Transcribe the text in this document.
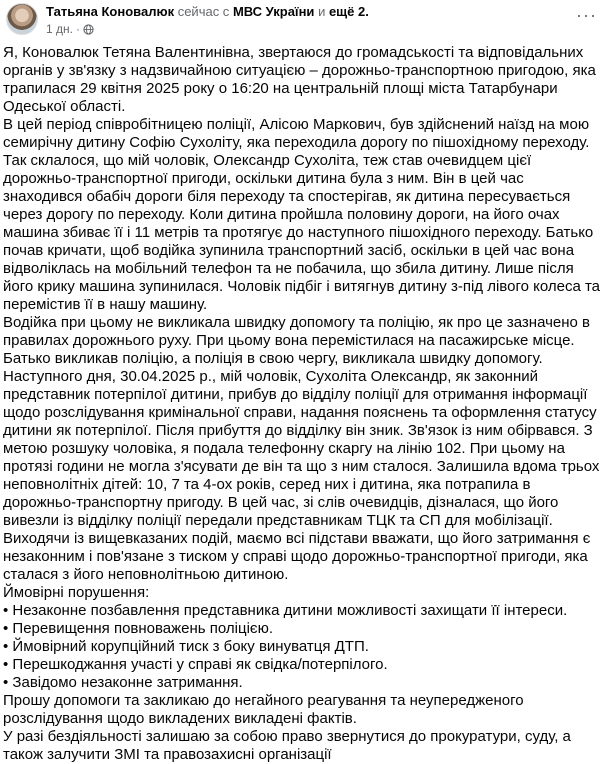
Татьяна Коновалюк сейчас с МВС України и ещё 2.
1 дн. ·
···

Я, Коновалюк Тетяна Валентинівна, звертаюся до громадськості та відповідальних органів у зв'язку з надзвичайною ситуацією – дорожньо-транспортною пригодою, яка трапилася 29 квітня 2025 року о 16:20 на центральній площі міста Татарбунари Одеської області.

В цей період співробітницею поліції, Алісою Маркович, був здійснений наїзд на мою семирічну дитину Софію Сухоліту, яка переходила дорогу по пішохідному переходу.

Так склалося, що мій чоловік, Олександр Сухоліта, теж став очевидцем цієї дорожньо-транспортної пригоди, оскільки дитина була з ним. Він в цей час знаходився обабіч дороги біля переходу та спостерігав, як дитина пересувається через дорогу по переходу. Коли дитина пройшла половину дороги, на його очах машина збиває її і 11 метрів та протягує до наступного пішохідного переходу. Батько почав кричати, щоб водійка зупинила транспортний засіб, оскільки в цей час вона відволіклась на мобільний телефон та не побачила, що збила дитину. Лише після його крику машина зупинилася. Чоловік підбіг і витягнув дитину з-під лівого колеса та перемістив її в нашу машину.

Водійка при цьому не викликала швидку допомогу та поліцію, як про це зазначено в правилах дорожнього руху. При цьому вона перемістилася на пасажирське місце.

Батько викликав поліцію, а поліція в свою чергу, викликала швидку допомогу.

Наступного дня, 30.04.2025 р., мій чоловік, Сухоліта Олександр, як законний представник потерпілої дитини, прибув до відділу поліції для отримання інформації щодо розслідування кримінальної справи, надання пояснень та оформлення статусу дитини як потерпілої. Після прибуття до відділку він зник. Зв'язок із ним обірвався. З метою розшуку чоловіка, я подала телефонну скаргу на лінію 102. При цьому на протязі години не могла з'ясувати де він та що з ним сталося. Залишила вдома трьох неповнолітніх дітей: 10, 7 та 4-ох років, серед них і дитина, яка потрапила в дорожньо-транспортну пригоду. В цей час, зі слів очевидців, дізналася, що його вивезли із відділку поліції передали представникам ТЦК та СП для мобілізації.

Виходячи із вищевказаних подій, маємо всі підстави вважати, що його затримання є незаконним і пов'язане з тиском у справі щодо дорожньо-транспортної пригоди, яка сталася з його неповнолітньою дитиною.

Ймовірні порушення:

• Незаконне позбавлення представника дитини можливості захищати її інтереси.

• Перевищення повноважень поліцією.

• Ймовірний корупційний тиск з боку винуватця ДТП.

• Перешкоджання участі у справі як свідка/потерпілого.

• Завідомо незаконне затримання.

Прошу допомоги та закликаю до негайного реагування та неупередженого розслідування щодо викладених викладені фактів.

У разі бездіяльності залишаю за собою право звернутися до прокуратури, суду, а також залучити ЗМІ та правозахисні організації
